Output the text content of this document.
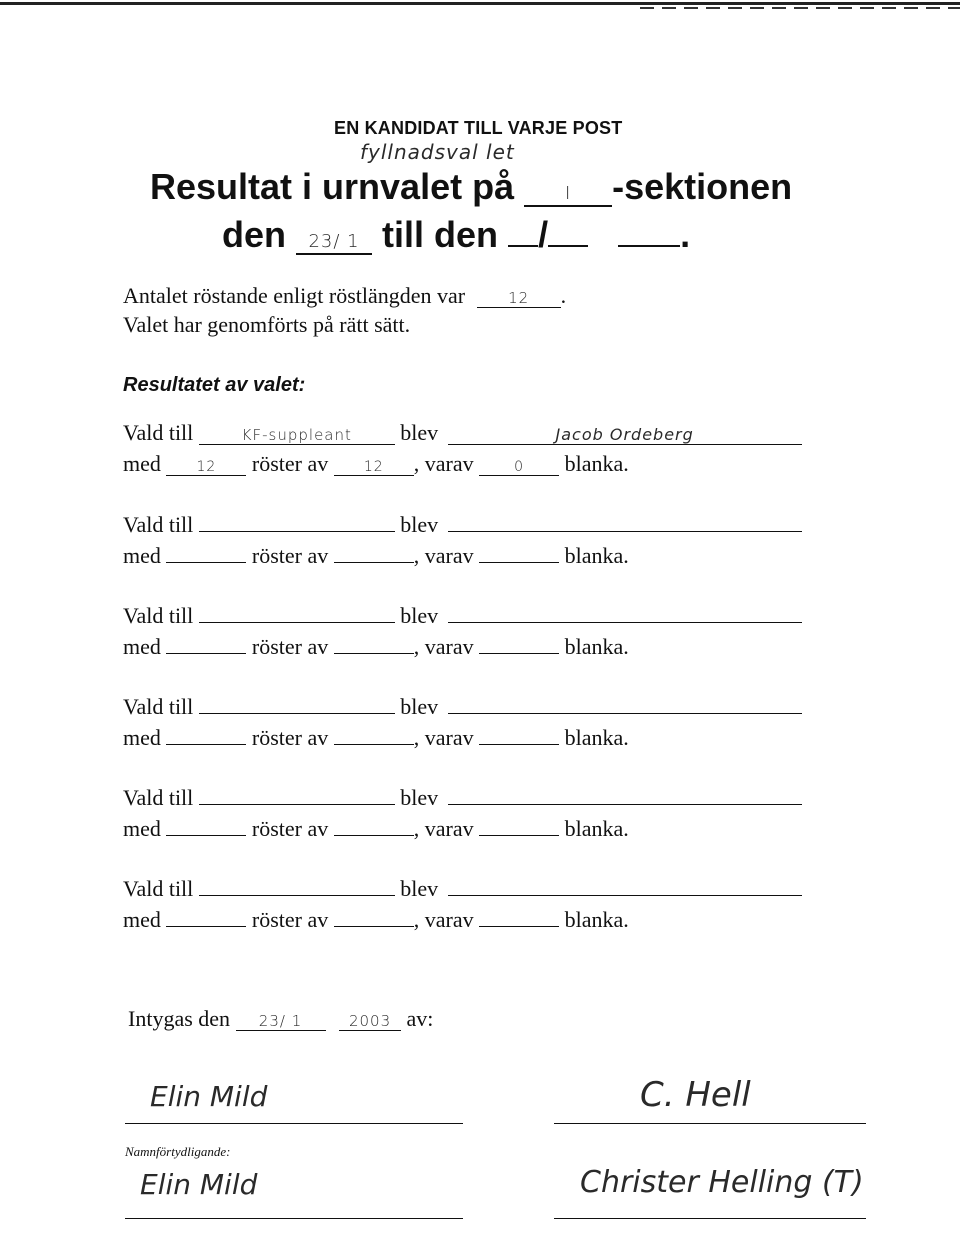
EN KANDIDAT TILL VARJE POST
fyllnadsval let
Resultat i urnvalet på	I -sektionen
den 23/ 1 till den /	.
Antalet röstande enligt röstlängden var	12 .
Valet har genomförts på rätt sätt.
Resultatet av valet:
Vald till	KF-suppleant blev	Jacob Ordeberg
med	12 röster av	12 , varav	0 blanka.
Vald till	blev
med	röster av	, varav	blanka.
Vald till	blev
med	röster av	, varav	blanka.
Vald till	blev
med	röster av	, varav	blanka.
Vald till	blev
med	röster av	, varav	blanka.
Vald till	blev
med	röster av	, varav	blanka.
Intygas den 23/ 1	2003 av:
Elin Mild	C. Hell
Namnförtydligande:
Elin Mild	Christer Helling (T)
